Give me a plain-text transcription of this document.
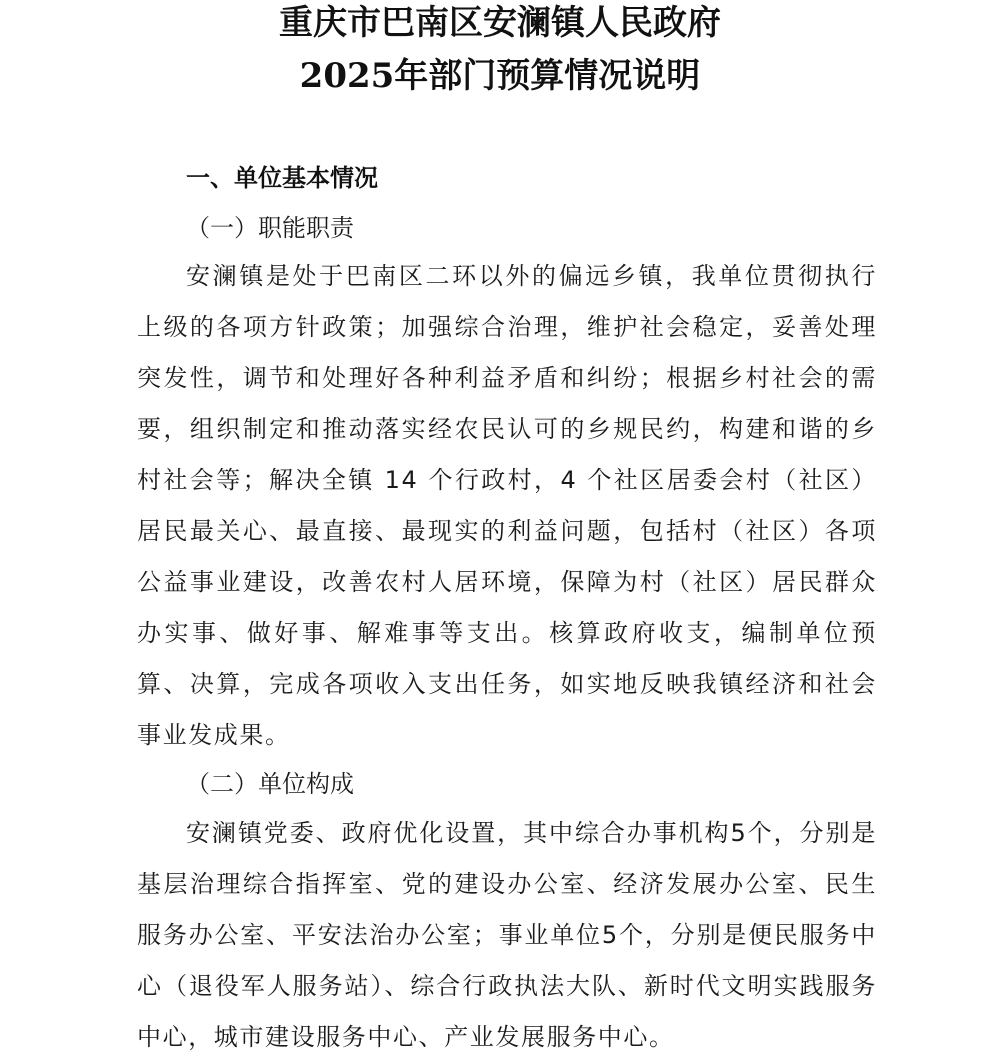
重庆市巴南区安澜镇人民政府
2025年部门预算情况说明
一、单位基本情况
（一）职能职责

安澜镇是处于巴南区二环以外的偏远乡镇，我单位贯彻执行上级的各项方针政策；加强综合治理，维护社会稳定，妥善处理突发性，调节和处理好各种利益矛盾和纠纷；根据乡村社会的需要，组织制定和推动落实经农民认可的乡规民约，构建和谐的乡村社会等；解决全镇 14 个行政村，4 个社区居委会村（社区）居民最关心、最直接、最现实的利益问题，包括村（社区）各项公益事业建设，改善农村人居环境，保障为村（社区）居民群众办实事、做好事、解难事等支出。核算政府收支，编制单位预算、决算，完成各项收入支出任务，如实地反映我镇经济和社会事业发成果。

（二）单位构成

安澜镇党委、政府优化设置，其中综合办事机构5个，分别是基层治理综合指挥室、党的建设办公室、经济发展办公室、民生服务办公室、平安法治办公室；事业单位5个，分别是便民服务中心（退役军人服务站）、综合行政执法大队、新时代文明实践服务中心，城市建设服务中心、产业发展服务中心。
